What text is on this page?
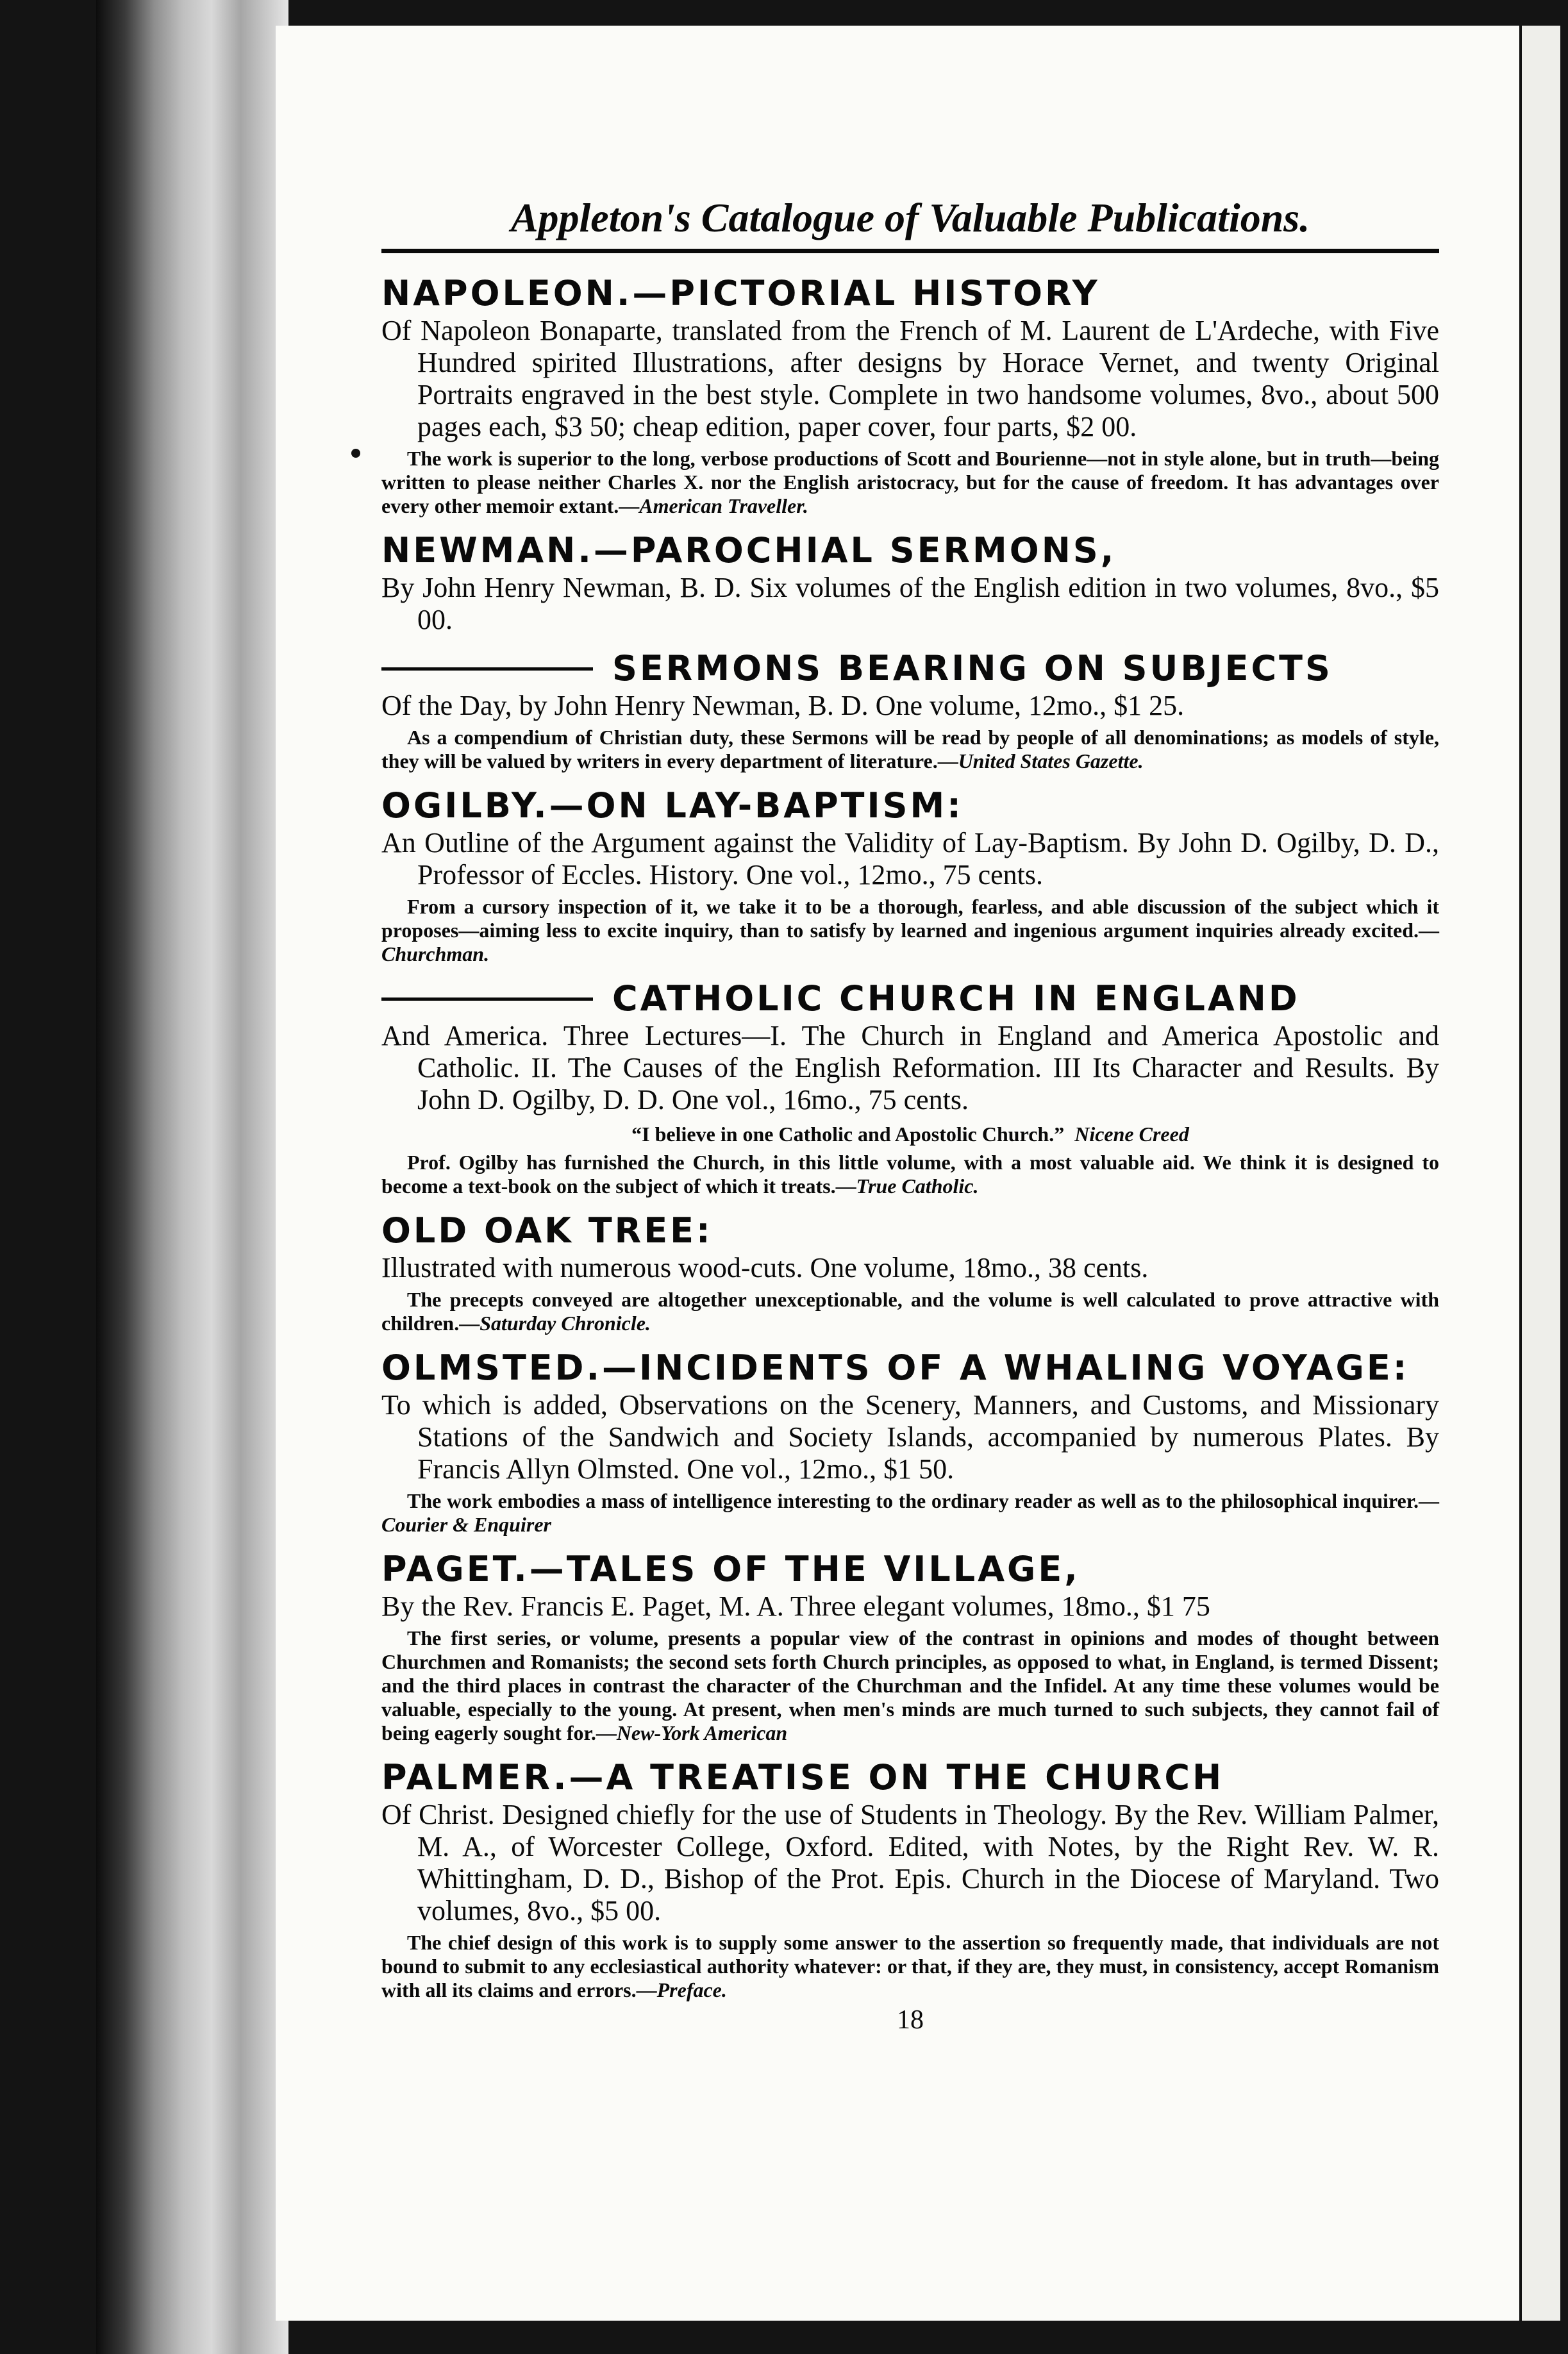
Appleton's Catalogue of Valuable Publications.

NAPOLEON.—PICTORIAL HISTORY

Of Napoleon Bonaparte, translated from the French of M. Laurent de L'Ardeche, with Five Hundred spirited Illustrations, after designs by Horace Vernet, and twenty Original Portraits engraved in the best style. Complete in two handsome volumes, 8vo., about 500 pages each, $3 50; cheap edition, paper cover, four parts, $2 00.

The work is superior to the long, verbose productions of Scott and Bourienne—not in style alone, but in truth—being written to please neither Charles X. nor the English aristocracy, but for the cause of freedom. It has advantages over every other memoir extant.—American Traveller.

NEWMAN.—PAROCHIAL SERMONS,

By John Henry Newman, B. D. Six volumes of the English edition in two volumes, 8vo., $5 00.

SERMONS BEARING ON SUBJECTS

Of the Day, by John Henry Newman, B. D. One volume, 12mo., $1 25.

As a compendium of Christian duty, these Sermons will be read by people of all denominations; as models of style, they will be valued by writers in every department of literature.—United States Gazette.

OGILBY.—ON LAY-BAPTISM:

An Outline of the Argument against the Validity of Lay-Baptism. By John D. Ogilby, D. D., Professor of Eccles. History. One vol., 12mo., 75 cents.

From a cursory inspection of it, we take it to be a thorough, fearless, and able discussion of the subject which it proposes—aiming less to excite inquiry, than to satisfy by learned and ingenious argument inquiries already excited.—Churchman.

CATHOLIC CHURCH IN ENGLAND

And America. Three Lectures—I. The Church in England and America Apostolic and Catholic. II. The Causes of the English Reformation. III Its Character and Results. By John D. Ogilby, D. D. One vol., 16mo., 75 cents.

“I believe in one Catholic and Apostolic Church.” Nicene Creed

Prof. Ogilby has furnished the Church, in this little volume, with a most valuable aid. We think it is designed to become a text-book on the subject of which it treats.—True Catholic.

OLD OAK TREE:

Illustrated with numerous wood-cuts. One volume, 18mo., 38 cents.

The precepts conveyed are altogether unexceptionable, and the volume is well calculated to prove attractive with children.—Saturday Chronicle.

OLMSTED.—INCIDENTS OF A WHALING VOYAGE:

To which is added, Observations on the Scenery, Manners, and Customs, and Missionary Stations of the Sandwich and Society Islands, accompanied by numerous Plates. By Francis Allyn Olmsted. One vol., 12mo., $1 50.

The work embodies a mass of intelligence interesting to the ordinary reader as well as to the philosophical inquirer.—Courier & Enquirer

PAGET.—TALES OF THE VILLAGE,

By the Rev. Francis E. Paget, M. A. Three elegant volumes, 18mo., $1 75

The first series, or volume, presents a popular view of the contrast in opinions and modes of thought between Churchmen and Romanists; the second sets forth Church principles, as opposed to what, in England, is termed Dissent; and the third places in contrast the character of the Churchman and the Infidel. At any time these volumes would be valuable, especially to the young. At present, when men's minds are much turned to such subjects, they cannot fail of being eagerly sought for.—New-York American

PALMER.—A TREATISE ON THE CHURCH

Of Christ. Designed chiefly for the use of Students in Theology. By the Rev. William Palmer, M. A., of Worcester College, Oxford. Edited, with Notes, by the Right Rev. W. R. Whittingham, D. D., Bishop of the Prot. Epis. Church in the Diocese of Maryland. Two volumes, 8vo., $5 00.

The chief design of this work is to supply some answer to the assertion so frequently made, that individuals are not bound to submit to any ecclesiastical authority whatever: or that, if they are, they must, in consistency, accept Romanism with all its claims and errors.—Preface.

18
